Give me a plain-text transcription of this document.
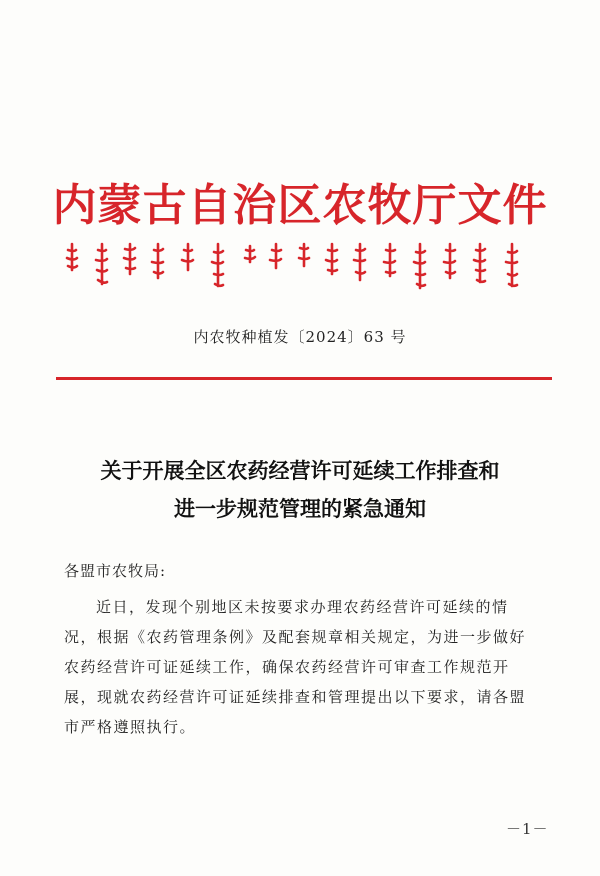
内蒙古自治区农牧厅文件
内农牧种植发〔2024〕63 号
关于开展全区农药经营许可延续工作排查和
进一步规范管理的紧急通知
各盟市农牧局:
近日，发现个别地区未按要求办理农药经营许可延续的情
况，根据《农药管理条例》及配套规章相关规定，为进一步做好
农药经营许可证延续工作，确保农药经营许可审查工作规范开
展，现就农药经营许可证延续排查和管理提出以下要求，请各盟
市严格遵照执行。
－1－
